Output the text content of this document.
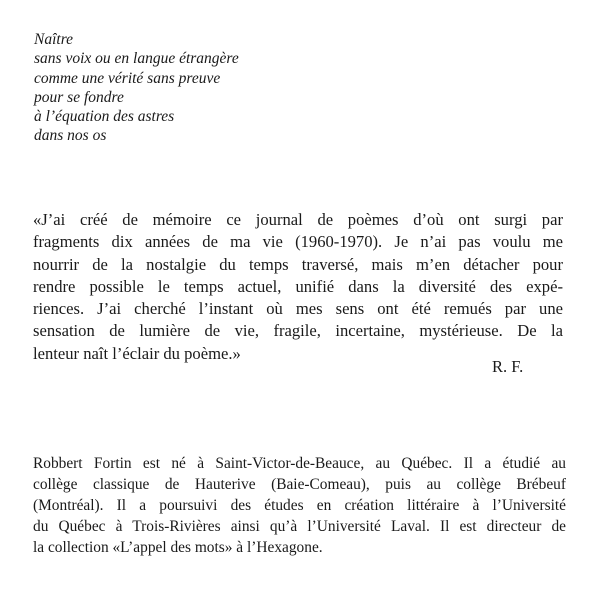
Naître
sans voix ou en langue étrangère
comme une vérité sans preuve
pour se fondre
à l’équation des astres
dans nos os
«J’ai créé de mémoire ce journal de poèmes d’où ont surgi par
fragments dix années de ma vie (1960-1970). Je n’ai pas voulu me
nourrir de la nostalgie du temps traversé, mais m’en détacher pour
rendre possible le temps actuel, unifié dans la diversité des expé-
riences. J’ai cherché l’instant où mes sens ont été remués par une
sensation de lumière de vie, fragile, incertaine, mystérieuse. De la
lenteur naît l’éclair du poème.»
R. F.
Robbert Fortin est né à Saint-Victor-de-Beauce, au Québec. Il a étudié au
collège classique de Hauterive (Baie-Comeau), puis au collège Brébeuf
(Montréal). Il a poursuivi des études en création littéraire à l’Université
du Québec à Trois-Rivières ainsi qu’à l’Université Laval. Il est directeur de
la collection «L’appel des mots» à l’Hexagone.
